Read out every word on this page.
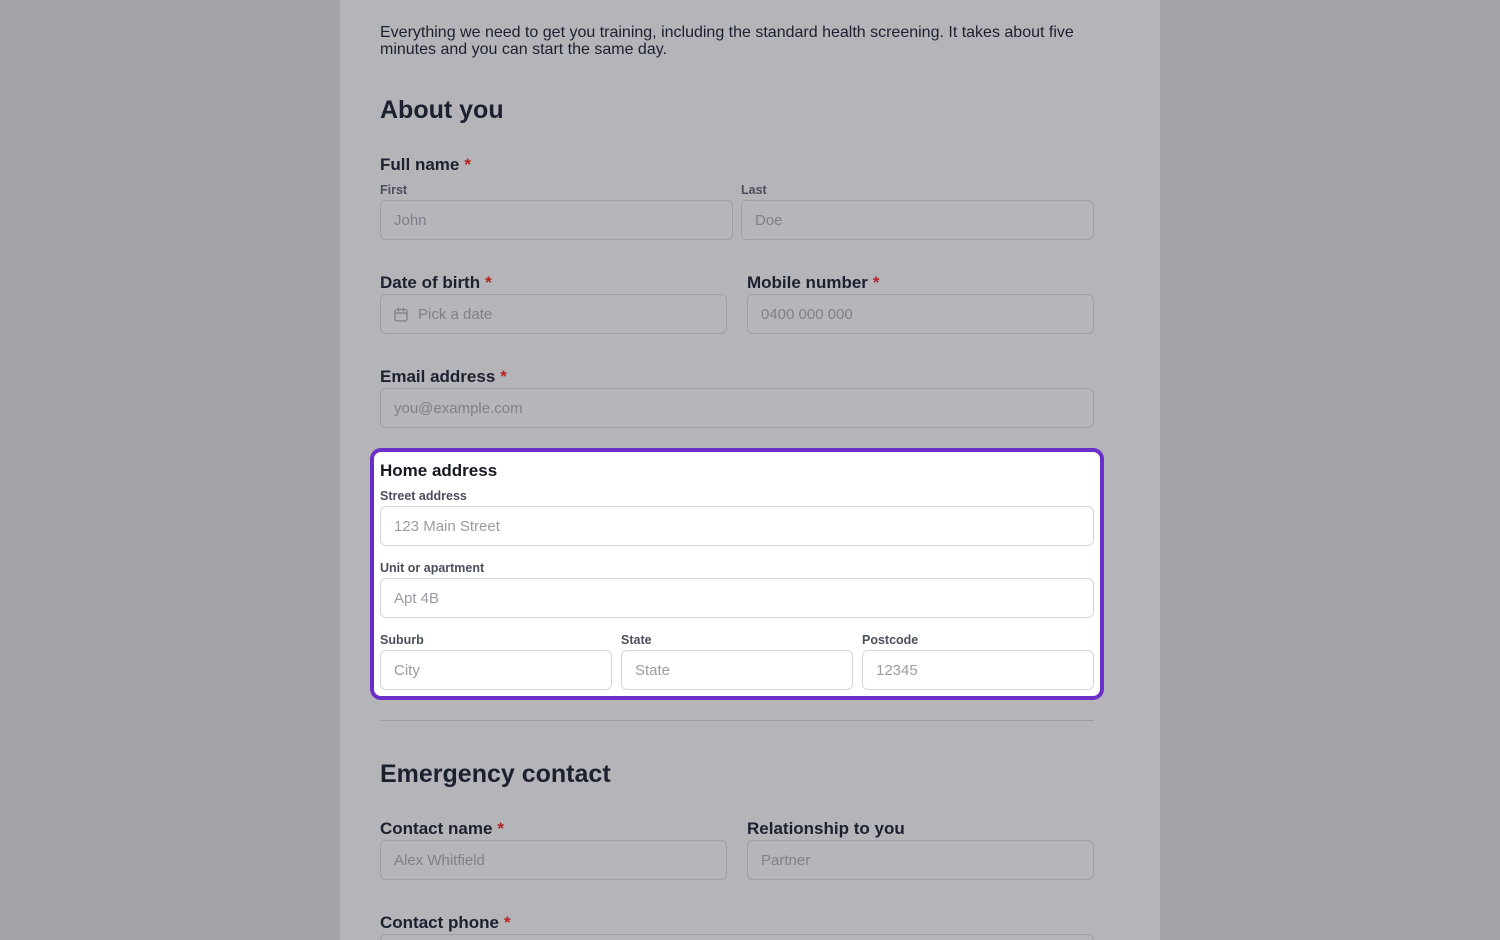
Everything we need to get you training, including the standard health screening. It takes about five minutes and you can start the same day.
About you
Full name *
First	Last
John	Doe
Date of birth *	Mobile number *
Pick a date	0400 000 000
Email address *
you@example.com
Home address
Street address
123 Main Street
Unit or apartment
Apt 4B
Suburb	State	Postcode
City	State	12345
Emergency contact
Contact name *	Relationship to you
Alex Whitfield	Partner
Contact phone *
